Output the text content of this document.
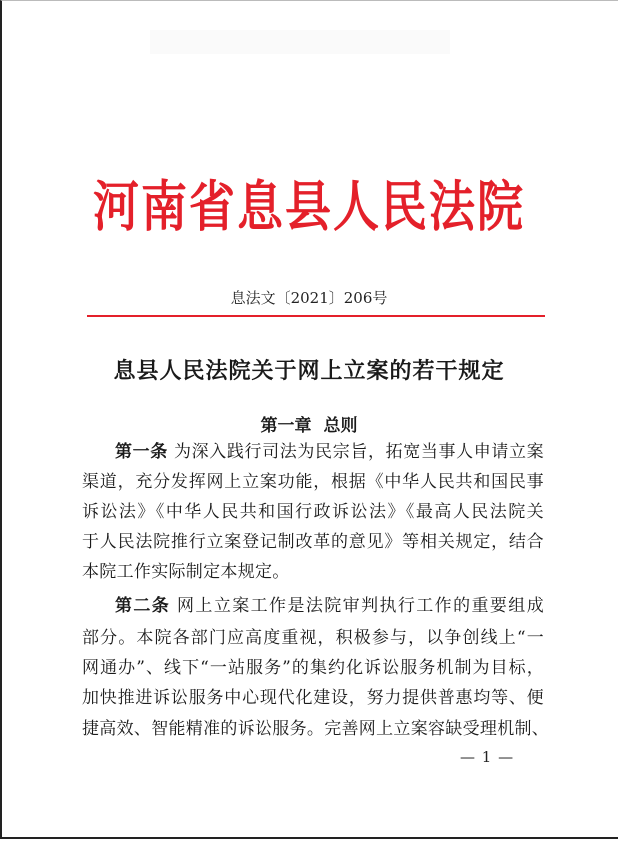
河南省息县人民法院
息法文〔2021〕206号
息县人民法院关于网上立案的若干规定
第一章 总则
第一条 为深入践行司法为民宗旨，拓宽当事人申请立案
渠道，充分发挥网上立案功能，根据《中华人民共和国民事
诉讼法》《中华人民共和国行政诉讼法》《最高人民法院关
于人民法院推行立案登记制改革的意见》等相关规定，结合
本院工作实际制定本规定。
第二条 网上立案工作是法院审判执行工作的重要组成
部分。本院各部门应高度重视，积极参与，以争创线上“一
网通办”、线下“一站服务”的集约化诉讼服务机制为目标，
加快推进诉讼服务中心现代化建设，努力提供普惠均等、便
捷高效、智能精准的诉讼服务。完善网上立案容缺受理机制、
— 1 —
